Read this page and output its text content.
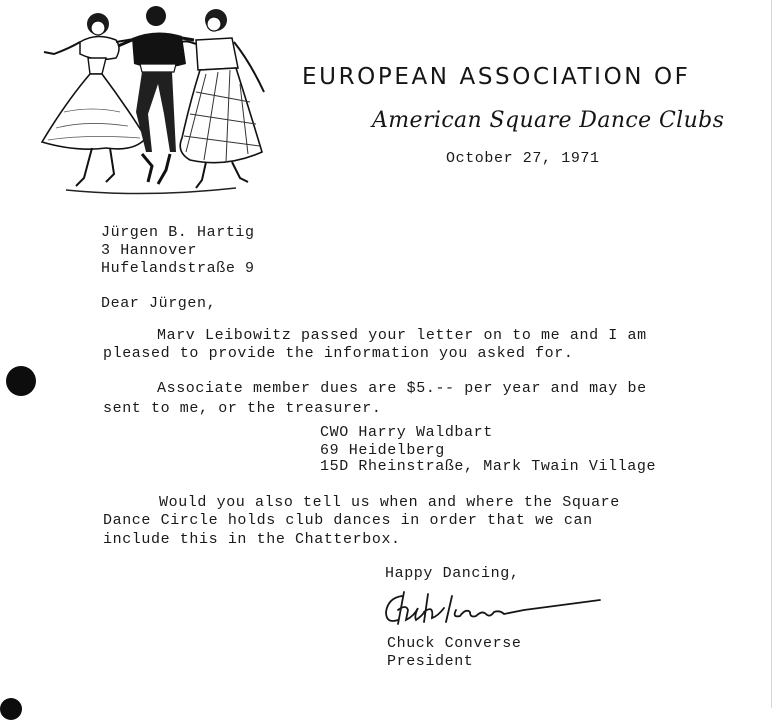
EUROPEAN ASSOCIATION OF
American Square Dance Clubs
October 27, 1971
Jürgen B. Hartig
3 Hannover
Hufelandstraße 9
Dear Jürgen,
Marv Leibowitz passed your letter on to me and I am
pleased to provide the information you asked for.
Associate member dues are $5.-- per year and may be
sent to me, or the treasurer.
CWO Harry Waldbart
69 Heidelberg
15D Rheinstraße, Mark Twain Village
Would you also tell us when and where the Square
Dance Circle holds club dances in order that we can
include this in the Chatterbox.
Happy Dancing,
Chuck Converse
President
